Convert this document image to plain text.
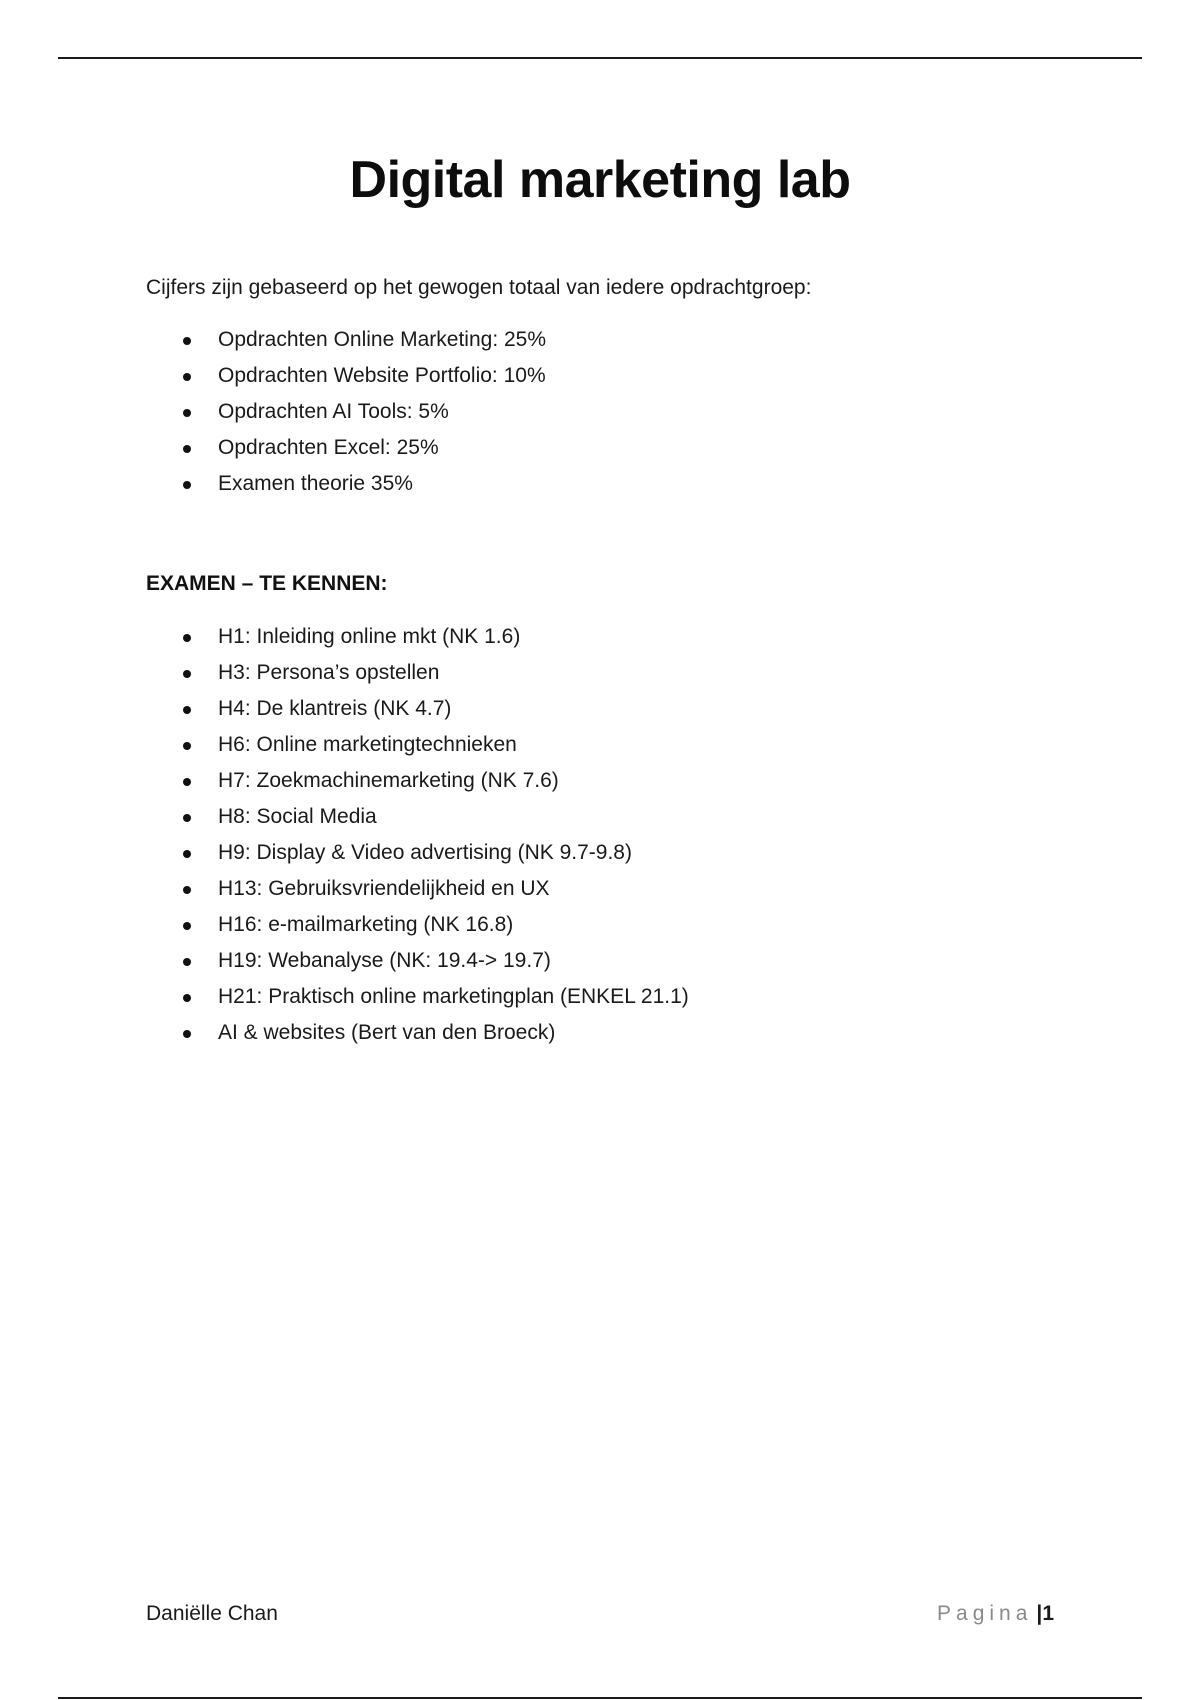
Digital marketing lab
Cijfers zijn gebaseerd op het gewogen totaal van iedere opdrachtgroep:
Opdrachten Online Marketing: 25%
Opdrachten Website Portfolio: 10%
Opdrachten AI Tools: 5%
Opdrachten Excel: 25%
Examen theorie 35%
EXAMEN – TE KENNEN:
H1: Inleiding online mkt (NK 1.6)
H3: Persona’s opstellen
H4: De klantreis (NK 4.7)
H6: Online marketingtechnieken
H7: Zoekmachinemarketing (NK 7.6)
H8: Social Media
H9: Display & Video advertising (NK 9.7-9.8)
H13: Gebruiksvriendelijkheid en UX
H16: e-mailmarketing (NK 16.8)
H19: Webanalyse (NK: 19.4-> 19.7)
H21: Praktisch online marketingplan (ENKEL 21.1)
AI & websites (Bert van den Broeck)
Daniëlle Chan	Pagina |1
